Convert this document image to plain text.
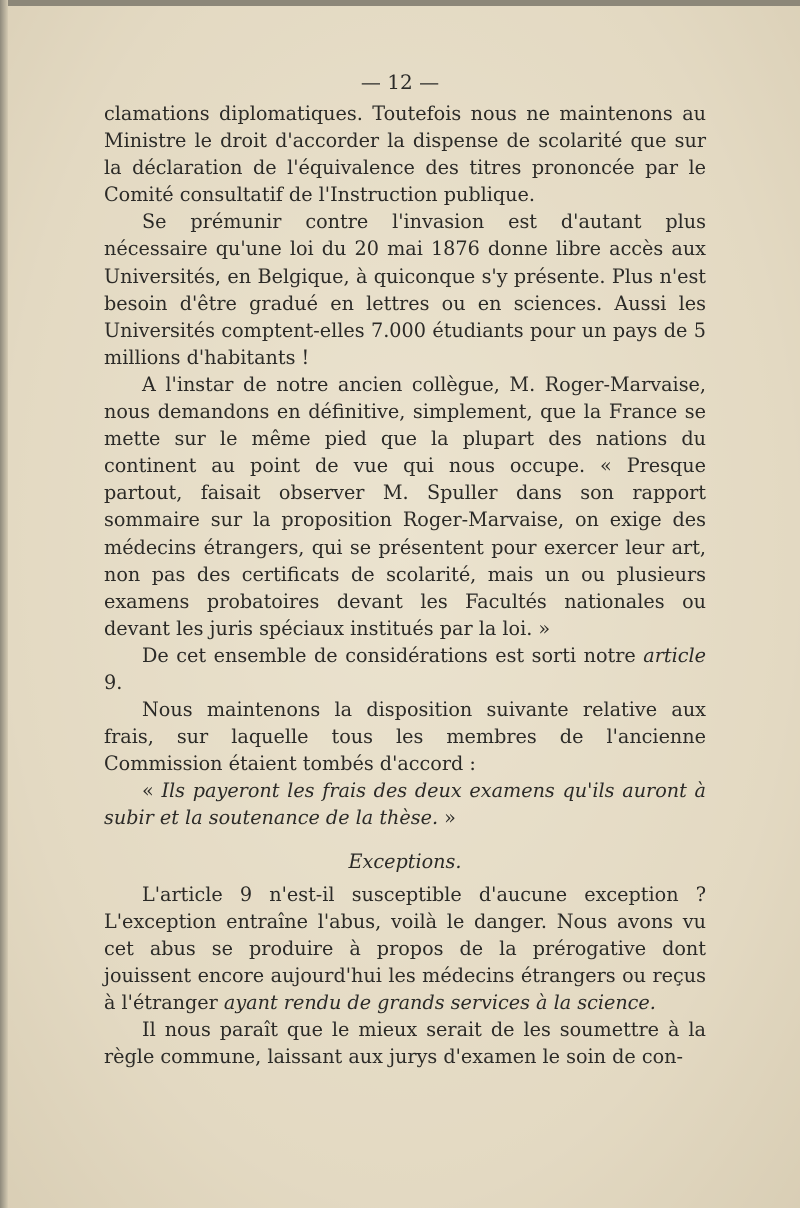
— 12 —

clamations diplomatiques. Toutefois nous ne maintenons au Ministre le droit d'accorder la dispense de scolarité que sur la déclaration de l'équivalence des titres prononcée par le Comité consultatif de l'Instruction publique.

Se prémunir contre l'invasion est d'autant plus nécessaire qu'une loi du 20 mai 1876 donne libre accès aux Universités, en Belgique, à quiconque s'y présente. Plus n'est besoin d'être gradué en lettres ou en sciences. Aussi les Universités comptent-elles 7.000 étudiants pour un pays de 5 millions d'habitants !

A l'instar de notre ancien collègue, M. Roger-Marvaise, nous demandons en définitive, simplement, que la France se mette sur le même pied que la plupart des nations du continent au point de vue qui nous occupe. « Presque partout, faisait observer M. Spuller dans son rapport sommaire sur la proposition Roger-Marvaise, on exige des médecins étrangers, qui se présentent pour exercer leur art, non pas des certificats de scolarité, mais un ou plusieurs examens probatoires devant les Facultés nationales ou devant les juris spéciaux institués par la loi. »

De cet ensemble de considérations est sorti notre article 9.

Nous maintenons la disposition suivante relative aux frais, sur laquelle tous les membres de l'ancienne Commission étaient tombés d'accord :

« Ils payeront les frais des deux examens qu'ils auront à subir et la soutenance de la thèse. »

Exceptions.

L'article 9 n'est-il susceptible d'aucune exception ? L'exception entraîne l'abus, voilà le danger. Nous avons vu cet abus se produire à propos de la prérogative dont jouissent encore aujourd'hui les médecins étrangers ou reçus à l'étranger ayant rendu de grands services à la science.

Il nous paraît que le mieux serait de les soumettre à la règle commune, laissant aux jurys d'examen le soin de con-
